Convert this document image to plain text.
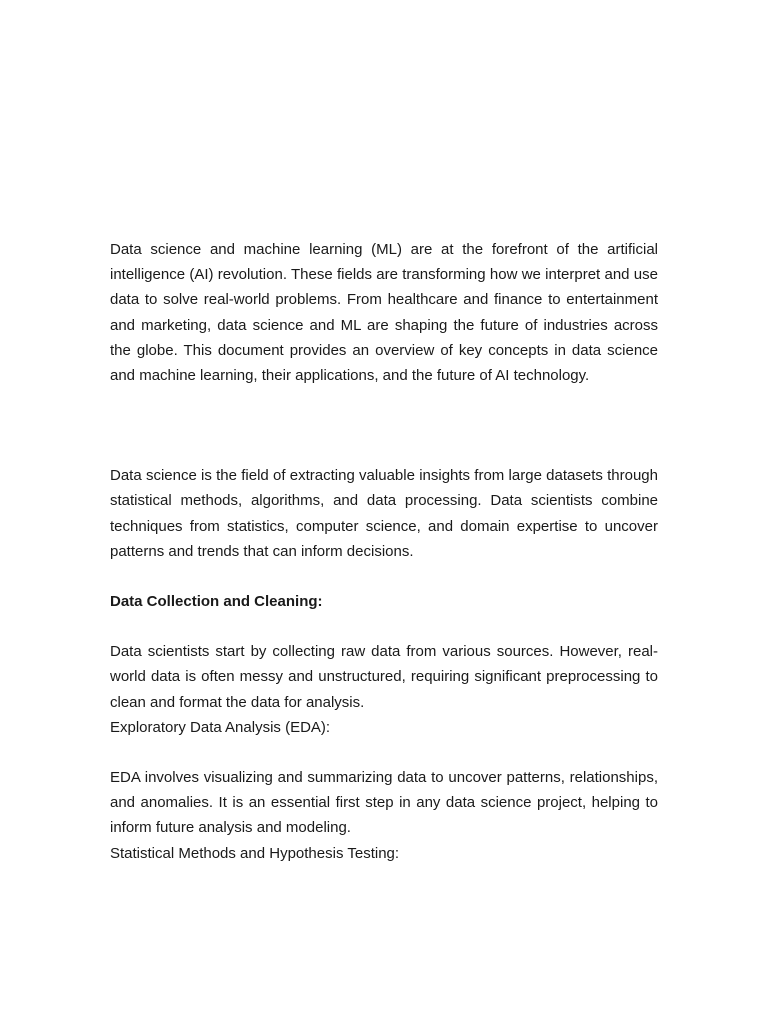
Data science and machine learning (ML) are at the forefront of the artificial intelligence (AI) revolution. These fields are transforming how we interpret and use data to solve real-world problems. From healthcare and finance to entertainment and marketing, data science and ML are shaping the future of industries across the globe. This document provides an overview of key concepts in data science and machine learning, their applications, and the future of AI technology.

Data science is the field of extracting valuable insights from large datasets through statistical methods, algorithms, and data processing. Data scientists combine techniques from statistics, computer science, and domain expertise to uncover patterns and trends that can inform decisions.

Data Collection and Cleaning:

Data scientists start by collecting raw data from various sources. However, real-world data is often messy and unstructured, requiring significant preprocessing to clean and format the data for analysis.

Exploratory Data Analysis (EDA):

EDA involves visualizing and summarizing data to uncover patterns, relationships, and anomalies. It is an essential first step in any data science project, helping to inform future analysis and modeling.

Statistical Methods and Hypothesis Testing:
